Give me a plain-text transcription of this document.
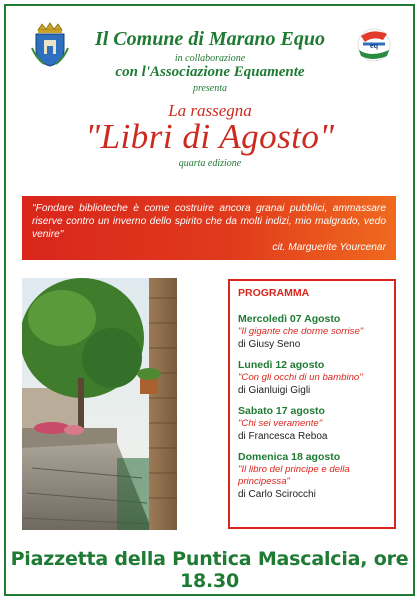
eq
Il Comune di Marano Equo
in collaborazione
con l'Associazione Equamente
presenta
La rassegna
"Libri di Agosto"
quarta edizione
"Fondare biblioteche è come costruire ancora granai pubblici, ammassare riserve contro un inverno dello spirito che da molti indizi, mio malgrado, vedo venire"
cit. Marguerite Yourcenar
PROGRAMMA
Mercoledì 07 Agosto
"Il gigante che dorme sorrise"
di Giusy Seno
Lunedì 12 agosto
"Con gli occhi di un bambino"
di Gianluigi Gigli
Sabato 17 agosto
"Chi sei veramente"
di Francesca Reboa
Domenica 18 agosto
"Il libro del principe e della principessa"
di Carlo Scirocchi
Piazzetta della Puntica Mascalcia, ore 18.30
